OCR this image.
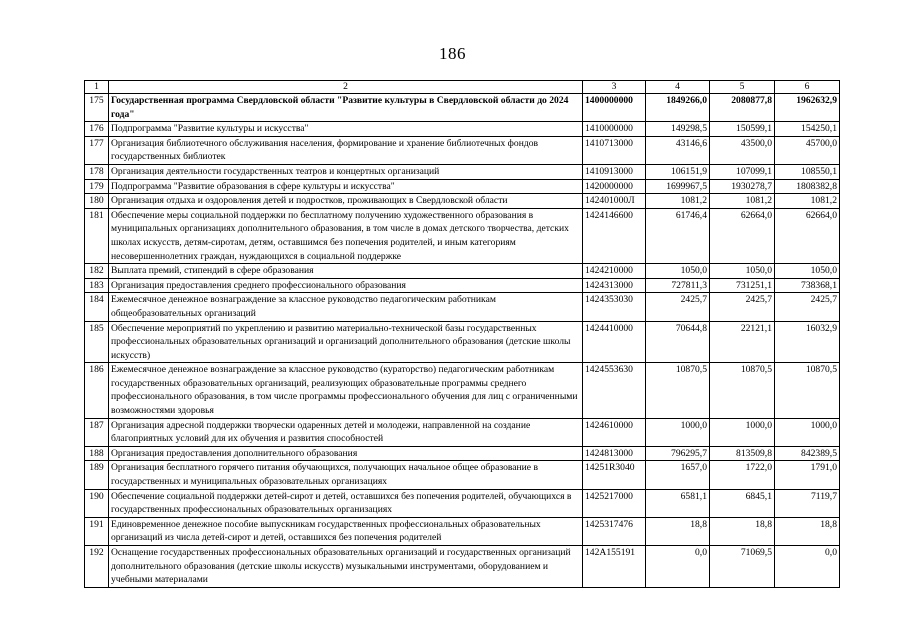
186
1	2	3	4	5	6
175	Государственная программа Свердловской области "Развитие культуры в Свердловской области до 2024 года"	1400000000	1849266,0	2080877,8	1962632,9
176	Подпрограмма "Развитие культуры и искусства"	1410000000	149298,5	150599,1	154250,1
177	Организация библиотечного обслуживания населения, формирование и хранение библиотечных фондов государственных библиотек	1410713000	43146,6	43500,0	45700,0
178	Организация деятельности государственных театров и концертных организаций	1410913000	106151,9	107099,1	108550,1
179	Подпрограмма "Развитие образования в сфере культуры и искусства"	1420000000	1699967,5	1930278,7	1808382,8
180	Организация отдыха и оздоровления детей и подростков, проживающих в Свердловской области	142401000Л	1081,2	1081,2	1081,2
181	Обеспечение меры социальной поддержки по бесплатному получению художественного образования в муниципальных организациях дополнительного образования, в том числе в домах детского творчества, детских школах искусств, детям-сиротам, детям, оставшимся без попечения родителей, и иным категориям несовершеннолетних граждан, нуждающихся в социальной поддержке	1424146600	61746,4	62664,0	62664,0
182	Выплата премий, стипендий в сфере образования	1424210000	1050,0	1050,0	1050,0
183	Организация предоставления среднего профессионального образования	1424313000	727811,3	731251,1	738368,1
184	Ежемесячное денежное вознаграждение за классное руководство педагогическим работникам общеобразовательных организаций	1424353030	2425,7	2425,7	2425,7
185	Обеспечение мероприятий по укреплению и развитию материально-технической базы государственных профессиональных образовательных организаций и организаций дополнительного образования (детские школы искусств)	1424410000	70644,8	22121,1	16032,9
186	Ежемесячное денежное вознаграждение за классное руководство (кураторство) педагогическим работникам государственных образовательных организаций, реализующих образовательные программы среднего профессионального образования, в том числе программы профессионального обучения для лиц с ограниченными возможностями здоровья	1424553630	10870,5	10870,5	10870,5
187	Организация адресной поддержки творчески одаренных детей и молодежи, направленной на создание благоприятных условий для их обучения и развития способностей	1424610000	1000,0	1000,0	1000,0
188	Организация предоставления дополнительного образования	1424813000	796295,7	813509,8	842389,5
189	Организация бесплатного горячего питания обучающихся, получающих начальное общее образование в государственных и муниципальных образовательных организациях	14251R3040	1657,0	1722,0	1791,0
190	Обеспечение социальной поддержки детей-сирот и детей, оставшихся без попечения родителей, обучающихся в государственных профессиональных образовательных организациях	1425217000	6581,1	6845,1	7119,7
191	Единовременное денежное пособие выпускникам государственных профессиональных образовательных организаций из числа детей-сирот и детей, оставшихся без попечения родителей	1425317476	18,8	18,8	18,8
192	Оснащение государственных профессиональных образовательных организаций и государственных организаций дополнительного образования (детские школы искусств) музыкальными инструментами, оборудованием и учебными материалами	142A155191	0,0	71069,5	0,0
